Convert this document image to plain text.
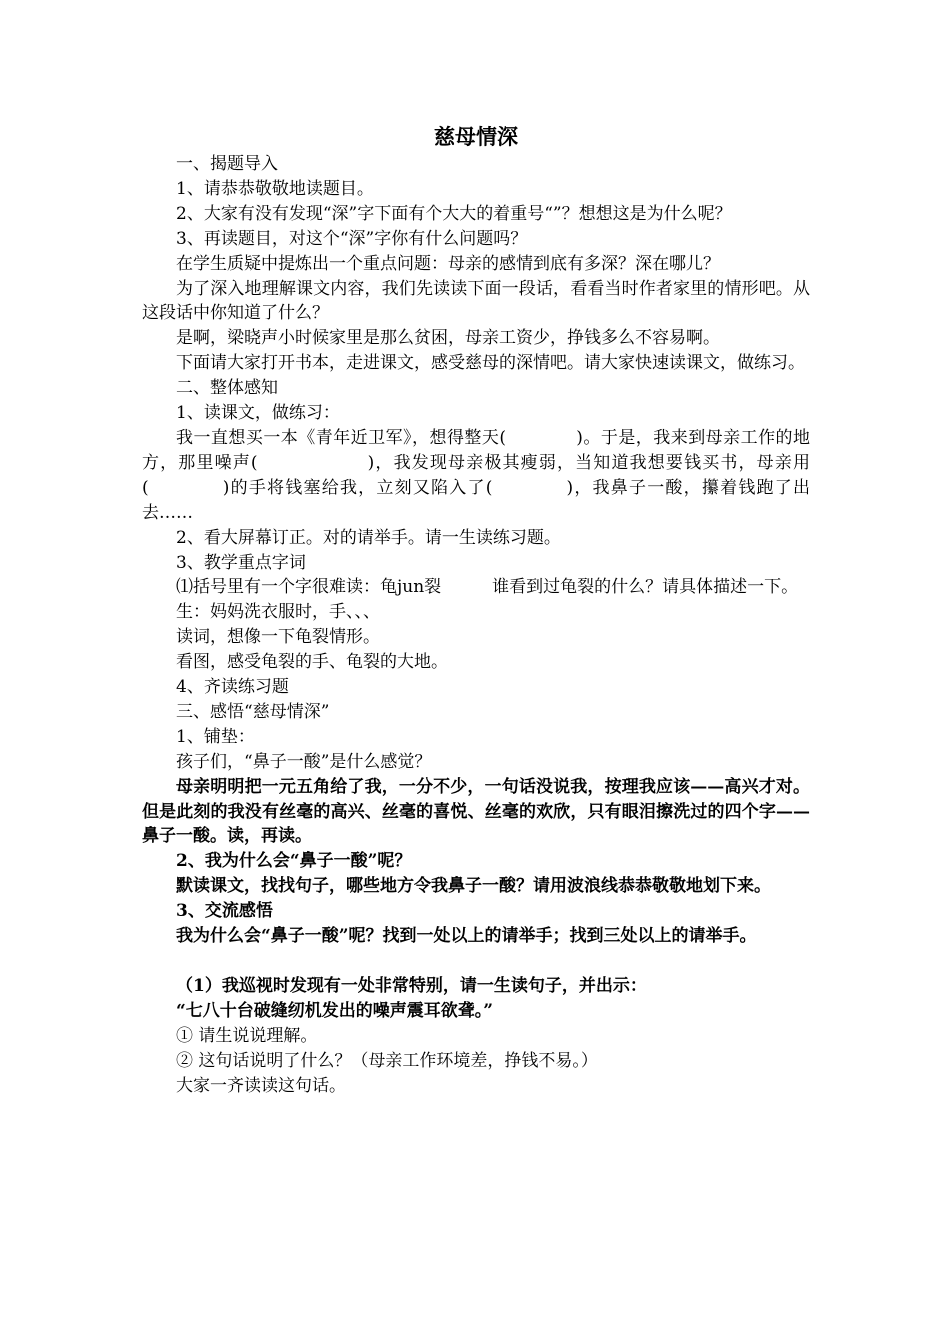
慈母情深

一、揭题导入

1、请恭恭敬敬地读题目。

2、大家有没有发现“深”字下面有个大大的着重号“”？想想这是为什么呢？

3、再读题目，对这个“深”字你有什么问题吗？

在学生质疑中提炼出一个重点问题：母亲的感情到底有多深？深在哪儿？

为了深入地理解课文内容，我们先读读下面一段话，看看当时作者家里的情形吧。从这段话中你知道了什么？

是啊，梁晓声小时候家里是那么贫困，母亲工资少，挣钱多么不容易啊。

下面请大家打开书本，走进课文，感受慈母的深情吧。请大家快速读课文，做练习。

二、整体感知

1、读课文，做练习：

我一直想买一本《青年近卫军》，想得整天(　　　　)。于是，我来到母亲工作的地方，那里噪声(　　　　　　)，我发现母亲极其瘦弱，当知道我想要钱买书，母亲用(　　　　)的手将钱塞给我，立刻又陷入了(　　　　)，我鼻子一酸，攥着钱跑了出去……

2、看大屏幕订正。对的请举手。请一生读练习题。

3、教学重点字词

⑴括号里有一个字很难读：龟jun裂　　　谁看到过龟裂的什么？请具体描述一下。

生：妈妈洗衣服时，手、、、

读词，想像一下龟裂情形。

看图，感受龟裂的手、龟裂的大地。

4、齐读练习题

三、感悟“慈母情深”

1、铺垫：

孩子们，“鼻子一酸”是什么感觉？

母亲明明把一元五角给了我，一分不少，一句话没说我，按理我应该——高兴才对。但是此刻的我没有丝毫的高兴、丝毫的喜悦、丝毫的欢欣，只有眼泪擦洗过的四个字——鼻子一酸。读，再读。

2、我为什么会“鼻子一酸”呢？

默读课文，找找句子，哪些地方令我鼻子一酸？请用波浪线恭恭敬敬地划下来。

3、交流感悟

我为什么会“鼻子一酸”呢？找到一处以上的请举手；找到三处以上的请举手。

（1）我巡视时发现有一处非常特别，请一生读句子，并出示：

“七八十台破缝纫机发出的噪声震耳欲聋。”

① 请生说说理解。

② 这句话说明了什么？（母亲工作环境差，挣钱不易。）

大家一齐读读这句话。
